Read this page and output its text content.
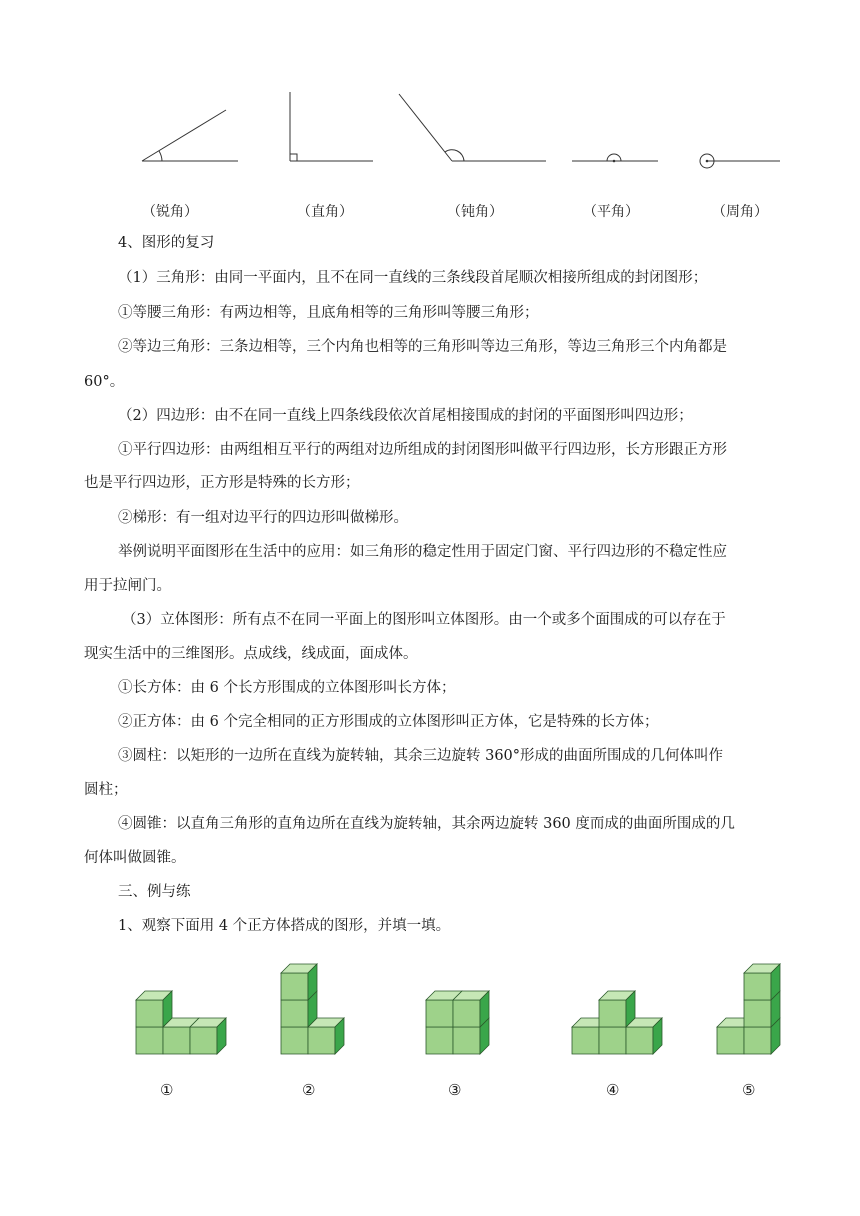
（锐角）	（直角）	（钝角）	（平角）	（周角）
4、图形的复习
（1）三角形：由同一平面内，且不在同一直线的三条线段首尾顺次相接所组成的封闭图形；
①等腰三角形：有两边相等，且底角相等的三角形叫等腰三角形；
②等边三角形：三条边相等，三个内角也相等的三角形叫等边三角形，等边三角形三个内角都是
60°。
（2）四边形：由不在同一直线上四条线段依次首尾相接围成的封闭的平面图形叫四边形；
①平行四边形：由两组相互平行的两组对边所组成的封闭图形叫做平行四边形，长方形跟正方形
也是平行四边形，正方形是特殊的长方形；
②梯形：有一组对边平行的四边形叫做梯形。
举例说明平面图形在生活中的应用：如三角形的稳定性用于固定门窗、平行四边形的不稳定性应
用于拉闸门。
（3）立体图形：所有点不在同一平面上的图形叫立体图形。由一个或多个面围成的可以存在于
现实生活中的三维图形。点成线，线成面，面成体。
①长方体：由 6 个长方形围成的立体图形叫长方体；
②正方体：由 6 个完全相同的正方形围成的立体图形叫正方体，它是特殊的长方体；
③圆柱：以矩形的一边所在直线为旋转轴，其余三边旋转 360°形成的曲面所围成的几何体叫作
圆柱；
④圆锥：以直角三角形的直角边所在直线为旋转轴，其余两边旋转 360 度而成的曲面所围成的几
何体叫做圆锥。
三、例与练
1、观察下面用 4 个正方体搭成的图形，并填一填。
①	②	③	④	⑤
